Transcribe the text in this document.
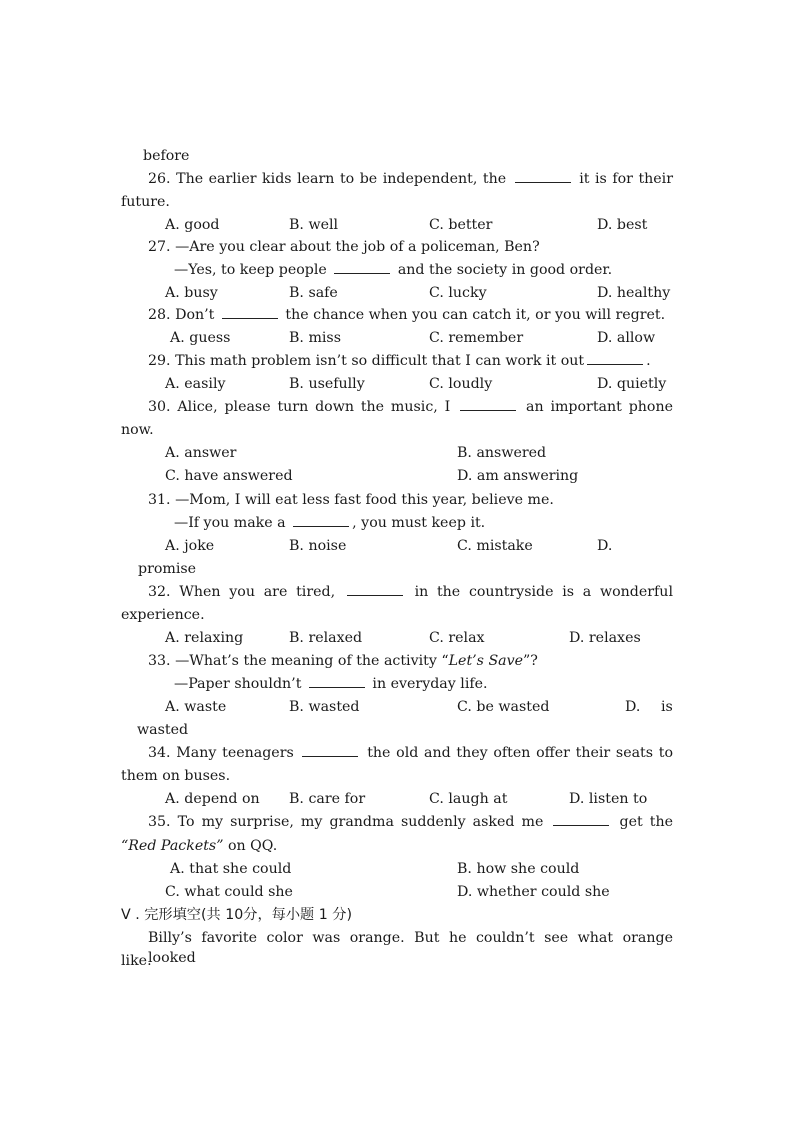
before
26. The earlier kids learn to be independent, the	it is for their
future.
A. good	B. well	C. better	D. best
27. —Are you clear about the job of a policeman, Ben?
—Yes, to keep people	and the society in good order.
A. busy	B. safe	C. lucky	D. healthy
28. Don’t	the chance when you can catch it, or you will regret.
A. guess	B. miss	C. remember	D. allow
29. This math problem isn’t so difficult that I can work it out	.
A. easily	B. usefully	C. loudly	D. quietly
30. Alice, please turn down the music, I	an important phone
now.
A. answer	B. answered
C. have answered	D. am answering
31. —Mom, I will eat less fast food this year, believe me.
—If you make a	, you must keep it.
A. joke	B. noise	C. mistake	D.
promise
32. When you are tired,	in the countryside is a wonderful
experience.
A. relaxing	B. relaxed	C. relax	D. relaxes
33. —What’s the meaning of the activity “Let’s Save”?
—Paper shouldn’t	in everyday life.
A. waste	B. wasted	C. be wasted	D. is
wasted
34. Many teenagers	the old and they often offer their seats to
them on buses.
A. depend on B. care for	C. laugh at	D. listen to
35. To my surprise, my grandma suddenly asked me	get the
“Red Packets” on QQ.
A. that she could	B. how she could
C. what could she	D. whether could she
V . 完形填空(共 10分，每小题 1 分)
Billy’s favorite color was orange. But he couldn’t see what orange looked
like.
